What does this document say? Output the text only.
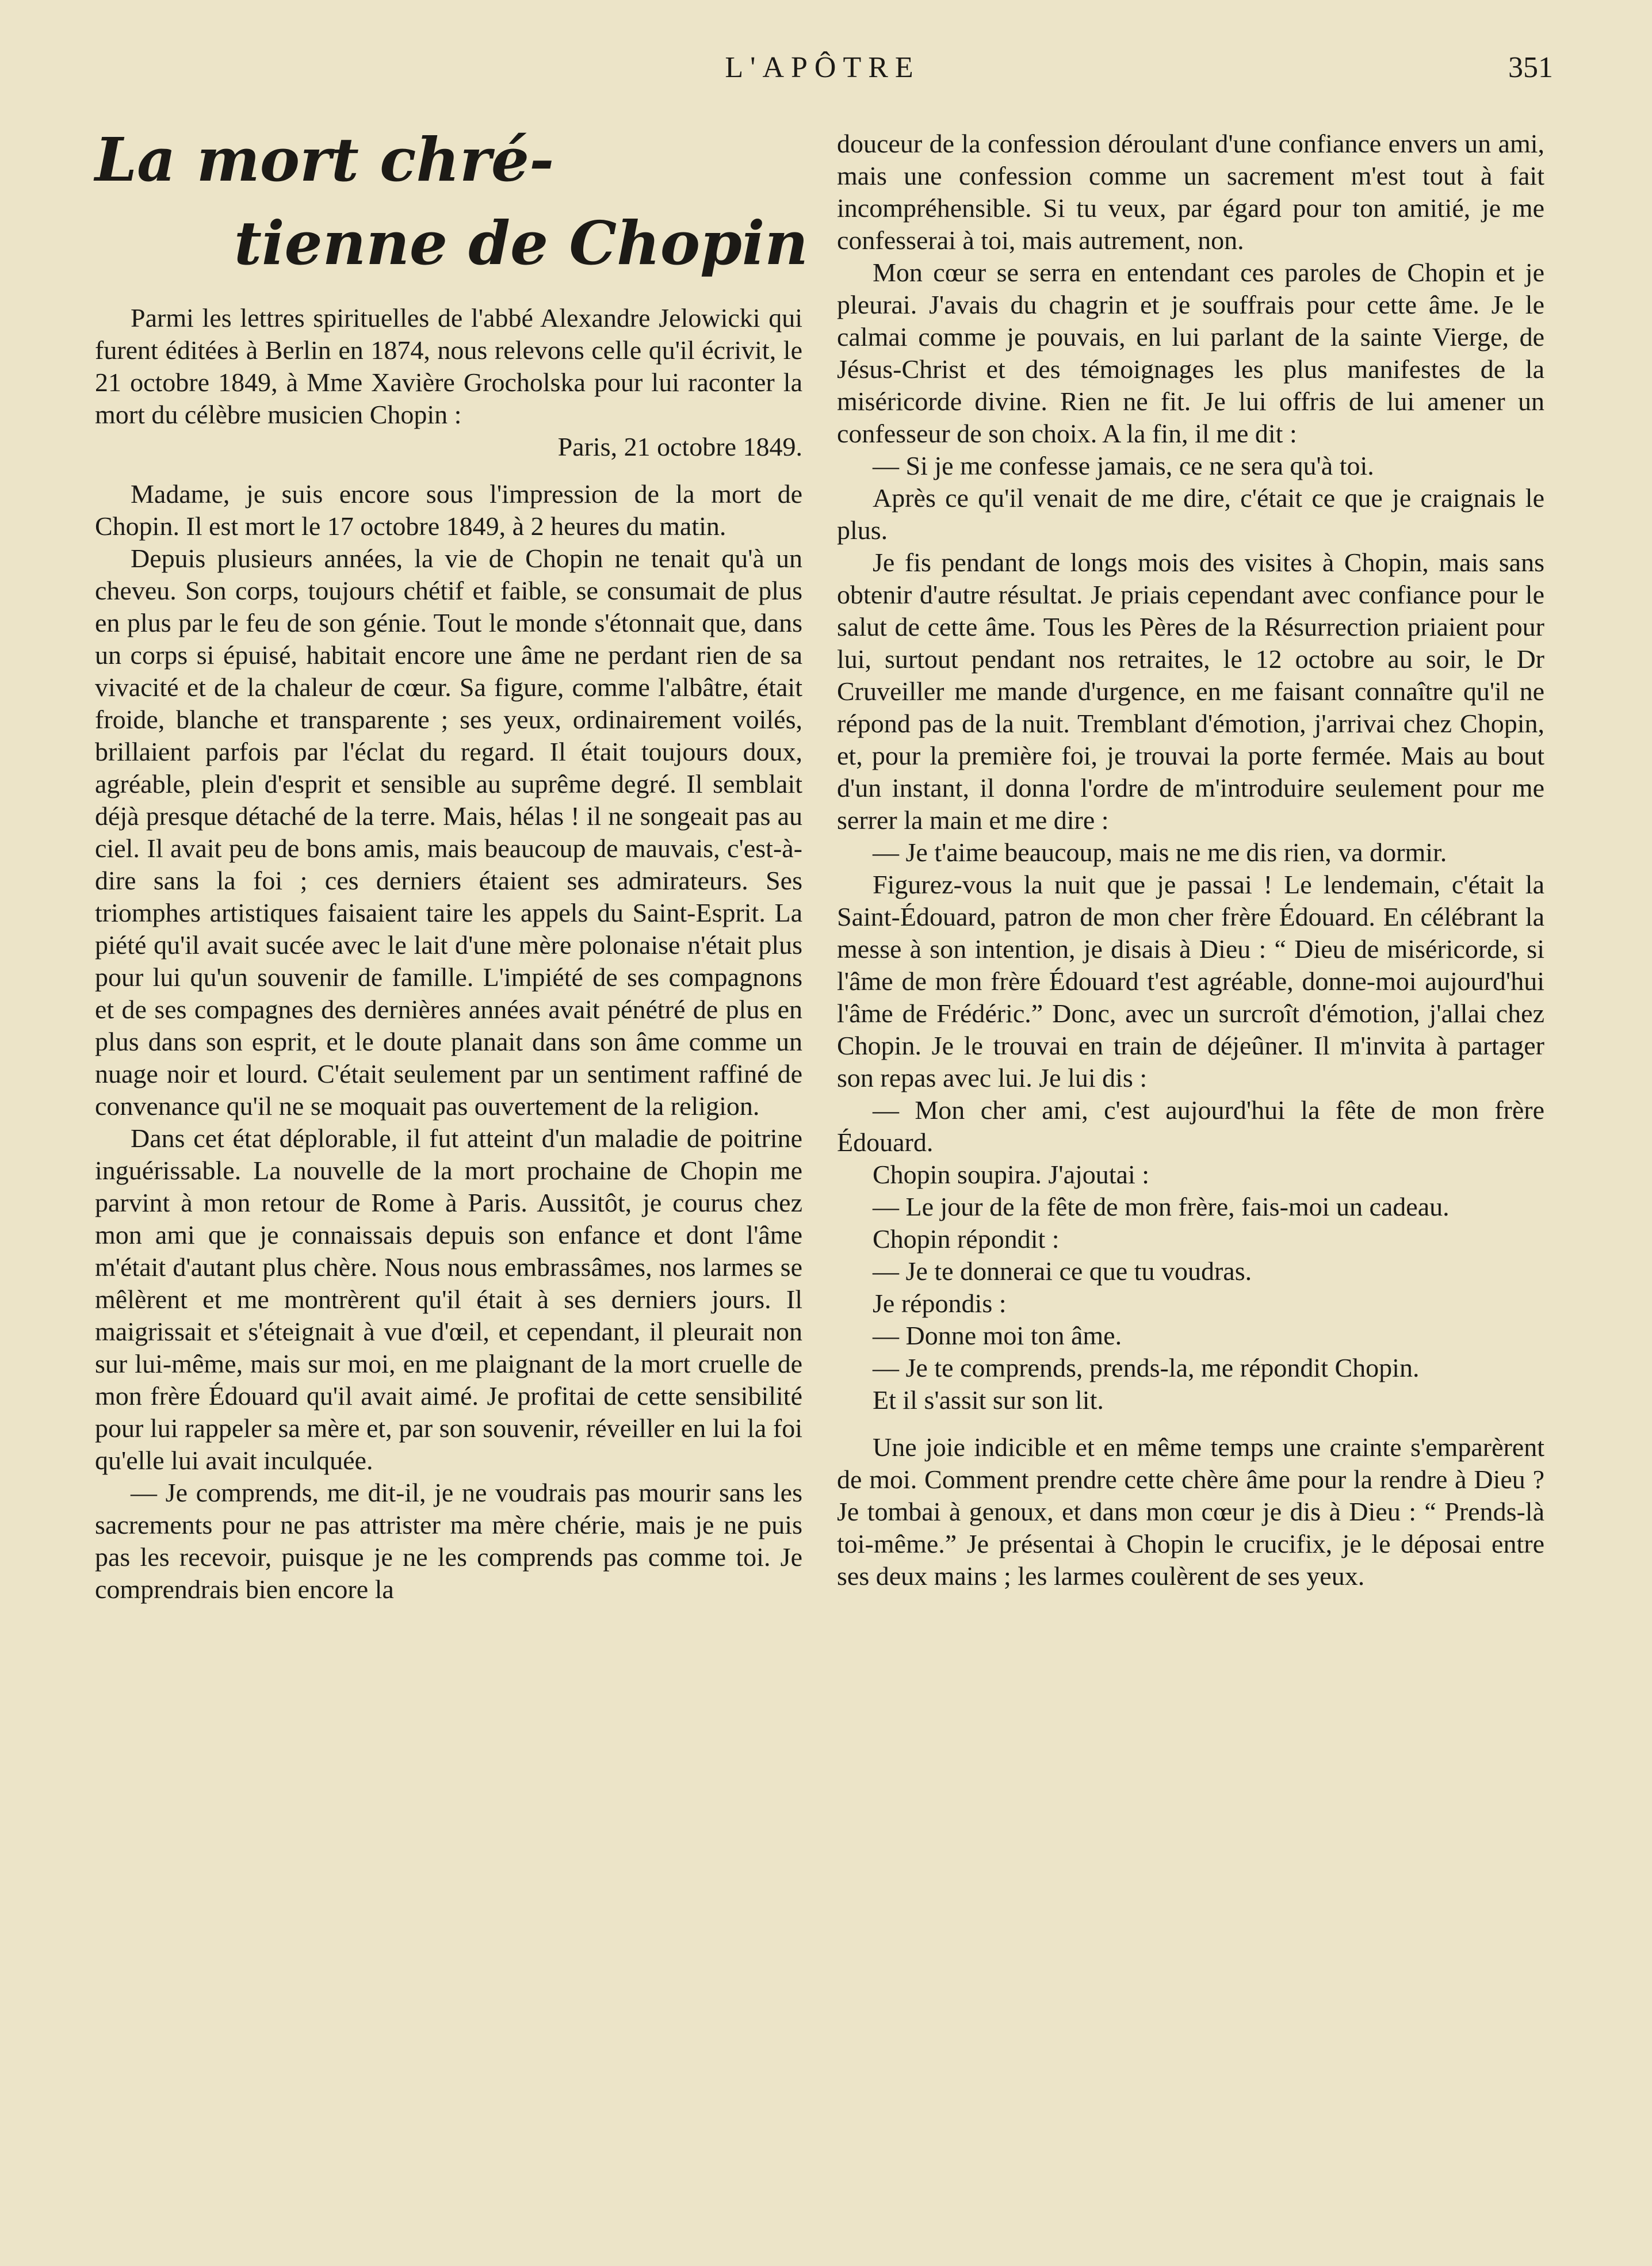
L'APÔTRE	351
La mort chré-
tienne de Chopin

Parmi les lettres spirituelles de l'abbé Alexandre Jelowicki qui furent éditées à Berlin en 1874, nous relevons celle qu'il écrivit, le 21 octobre 1849, à Mme Xavière Grocholska pour lui raconter la mort du célèbre musicien Chopin :

Paris, 21 octobre 1849.

Madame, je suis encore sous l'impression de la mort de Chopin. Il est mort le 17 octobre 1849, à 2 heures du matin.

Depuis plusieurs années, la vie de Chopin ne tenait qu'à un cheveu. Son corps, toujours chétif et faible, se consumait de plus en plus par le feu de son génie. Tout le monde s'étonnait que, dans un corps si épuisé, habitait encore une âme ne perdant rien de sa vivacité et de la chaleur de cœur. Sa figure, comme l'albâtre, était froide, blanche et transparente ; ses yeux, ordinairement voilés, brillaient parfois par l'éclat du regard. Il était toujours doux, agréable, plein d'esprit et sensible au suprême degré. Il semblait déjà presque détaché de la terre. Mais, hélas ! il ne songeait pas au ciel. Il avait peu de bons amis, mais beaucoup de mauvais, c'est-à-dire sans la foi ; ces derniers étaient ses admirateurs. Ses triomphes artistiques faisaient taire les appels du Saint-Esprit. La piété qu'il avait sucée avec le lait d'une mère polonaise n'était plus pour lui qu'un souvenir de famille. L'impiété de ses compagnons et de ses compagnes des dernières années avait pénétré de plus en plus dans son esprit, et le doute planait dans son âme comme un nuage noir et lourd. C'était seulement par un sentiment raffiné de convenance qu'il ne se moquait pas ouvertement de la religion.

Dans cet état déplorable, il fut atteint d'un maladie de poitrine inguérissable. La nouvelle de la mort prochaine de Chopin me parvint à mon retour de Rome à Paris. Aussitôt, je courus chez mon ami que je connaissais depuis son enfance et dont l'âme m'était d'autant plus chère. Nous nous embrassâmes, nos larmes se mêlèrent et me montrèrent qu'il était à ses derniers jours. Il maigrissait et s'éteignait à vue d'œil, et cependant, il pleurait non sur lui-même, mais sur moi, en me plaignant de la mort cruelle de mon frère Édouard qu'il avait aimé. Je profitai de cette sensibilité pour lui rappeler sa mère et, par son souvenir, réveiller en lui la foi qu'elle lui avait inculquée.

— Je comprends, me dit-il, je ne voudrais pas mourir sans les sacrements pour ne pas attrister ma mère chérie, mais je ne puis pas les recevoir, puisque je ne les comprends pas comme toi. Je comprendrais bien encore la

douceur de la confession déroulant d'une confiance envers un ami, mais une confession comme un sacrement m'est tout à fait incompréhensible. Si tu veux, par égard pour ton amitié, je me confesserai à toi, mais autrement, non.

Mon cœur se serra en entendant ces paroles de Chopin et je pleurai. J'avais du chagrin et je souffrais pour cette âme. Je le calmai comme je pouvais, en lui parlant de la sainte Vierge, de Jésus-Christ et des témoignages les plus manifestes de la miséricorde divine. Rien ne fit. Je lui offris de lui amener un confesseur de son choix. A la fin, il me dit :

— Si je me confesse jamais, ce ne sera qu'à toi.

Après ce qu'il venait de me dire, c'était ce que je craignais le plus.

Je fis pendant de longs mois des visites à Chopin, mais sans obtenir d'autre résultat. Je priais cependant avec confiance pour le salut de cette âme. Tous les Pères de la Résurrection priaient pour lui, surtout pendant nos retraites, le 12 octobre au soir, le Dr Cruveiller me mande d'urgence, en me faisant connaître qu'il ne répond pas de la nuit. Tremblant d'émotion, j'arrivai chez Chopin, et, pour la première foi, je trouvai la porte fermée. Mais au bout d'un instant, il donna l'ordre de m'introduire seulement pour me serrer la main et me dire :

— Je t'aime beaucoup, mais ne me dis rien, va dormir.

Figurez-vous la nuit que je passai ! Le lendemain, c'était la Saint-Édouard, patron de mon cher frère Édouard. En célébrant la messe à son intention, je disais à Dieu : “ Dieu de miséricorde, si l'âme de mon frère Édouard t'est agréable, donne-moi aujourd'hui l'âme de Frédéric.” Donc, avec un surcroît d'émotion, j'allai chez Chopin. Je le trouvai en train de déjeûner. Il m'invita à partager son repas avec lui. Je lui dis :

— Mon cher ami, c'est aujourd'hui la fête de mon frère Édouard.

Chopin soupira. J'ajoutai :

— Le jour de la fête de mon frère, fais-moi un cadeau.

Chopin répondit :

— Je te donnerai ce que tu voudras.

Je répondis :

— Donne moi ton âme.

— Je te comprends, prends-la, me répondit Chopin.

Et il s'assit sur son lit.

Une joie indicible et en même temps une crainte s'emparèrent de moi. Comment prendre cette chère âme pour la rendre à Dieu ? Je tombai à genoux, et dans mon cœur je dis à Dieu : “ Prends-là toi-même.” Je présentai à Chopin le crucifix, je le déposai entre ses deux mains ; les larmes coulèrent de ses yeux.
